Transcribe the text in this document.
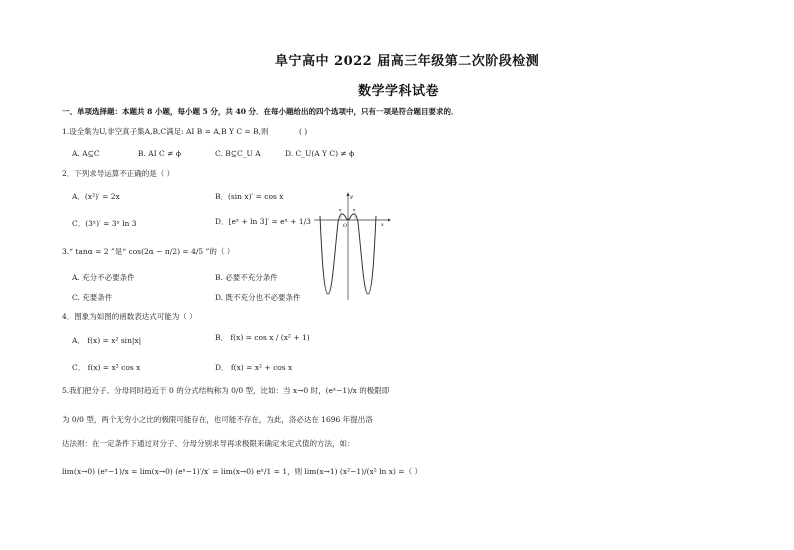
阜宁高中 2022 届高三年级第二次阶段检测
数学学科试卷
一、单项选择题：本题共 8 小题，每小题 5 分，共 40 分．在每小题给出的四个选项中，只有一项是符合题目要求的．
1.设全集为U,非空真子集A,B,C满足: AI B = A,B Y C = B,则	( )
A. A⊆C	B. AI C ≠ ϕ	C. B⊆C_U A	D. C_U(A Y C) ≠ ϕ
2．下列求导运算不正确的是（ ）
A．(x²)′ = 2x	B．(sin x)′ = cos x
C．(3ˣ)′ = 3ˣ ln 3	D．[eˣ + ln 3]′ = eˣ + 1/3
3.“ tanα = 2 ”是“ cos(2α − π/2) = 4/5 ”的（ ）
A. 充分不必要条件	B. 必要不充分条件
C. 充要条件	D. 既不充分也不必要条件
4．图象为如图的函数表达式可能为（ ）
A． f(x) = x² sin|x|	B． f(x) = cos x / (x² + 1)
C． f(x) = x² cos x	D． f(x) = x² + cos x
5.我们把分子、分母同时趋近于 0 的分式结构称为 0/0 型，比如：当 x→0 时，(eˣ−1)/x 的极限即
为 0/0 型，两个无穷小之比的极限可能存在，也可能不存在，为此，洛必达在 1696 年提出洛
达法则：在一定条件下通过对分子、分母分别求导再求极限来确定未定式值的方法，如：
lim(x→0) (eˣ−1)/x = lim(x→0) (eˣ−1)′/x′ = lim(x→0) eˣ/1 = 1，则 lim(x→1) (x²−1)/(x² ln x) =（ ）
x
y
O
π	π
